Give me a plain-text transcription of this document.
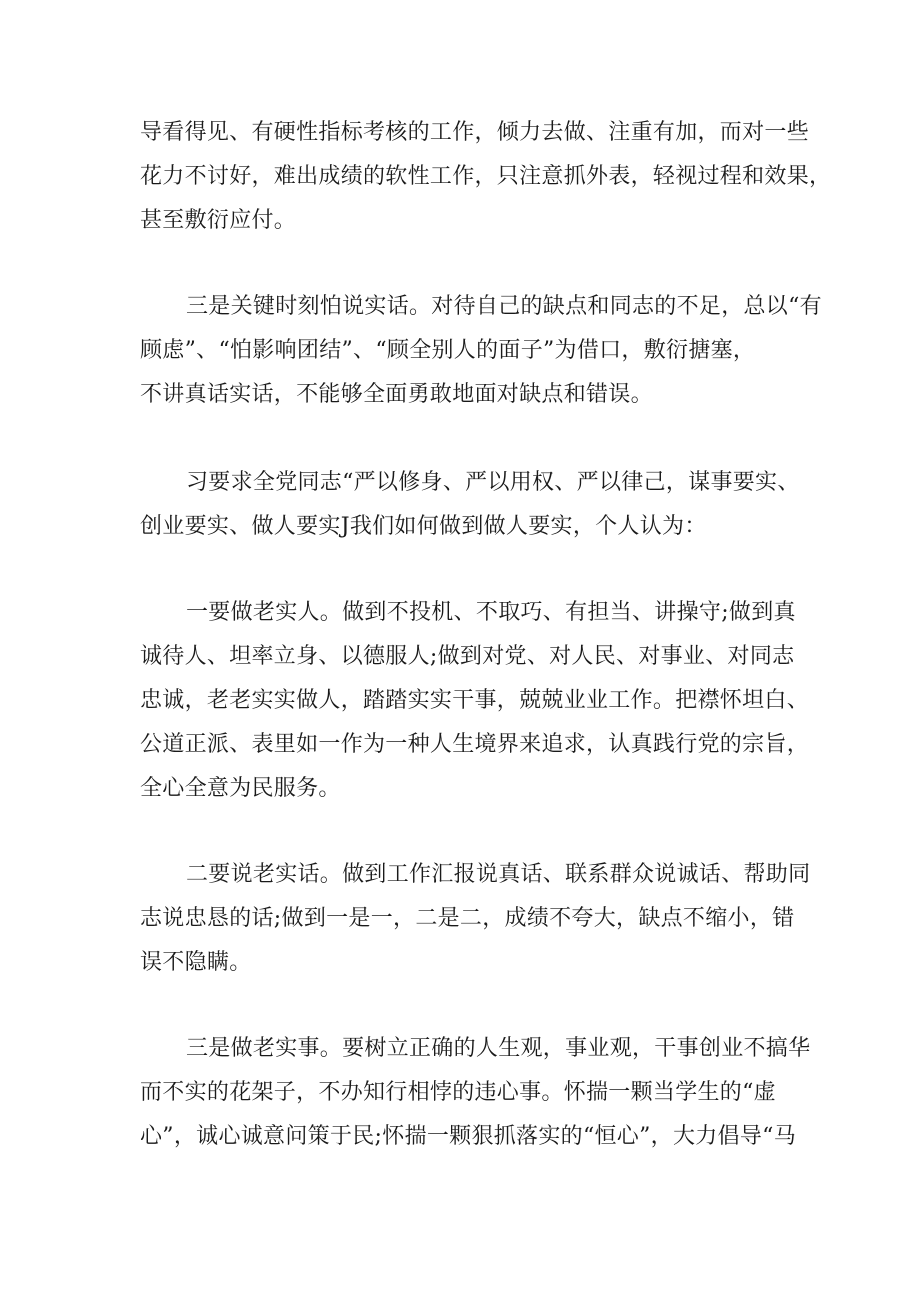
导看得见、有硬性指标考核的工作，倾力去做、注重有加，而对一些
花力不讨好，难出成绩的软性工作，只注意抓外表，轻视过程和效果，
甚至敷衍应付。
三是关键时刻怕说实话。对待自己的缺点和同志的不足，总以“有
顾虑”、“怕影响团结”、“顾全别人的面子”为借口，敷衍搪塞，
不讲真话实话，不能够全面勇敢地面对缺点和错误。
习要求全党同志“严以修身、严以用权、严以律己，谋事要实、
创业要实、做人要实J我们如何做到做人要实，个人认为：
一要做老实人。做到不投机、不取巧、有担当、讲操守;做到真
诚待人、坦率立身、以德服人;做到对党、对人民、对事业、对同志
忠诚，老老实实做人，踏踏实实干事，兢兢业业工作。把襟怀坦白、
公道正派、表里如一作为一种人生境界来追求，认真践行党的宗旨，
全心全意为民服务。
二要说老实话。做到工作汇报说真话、联系群众说诚话、帮助同
志说忠恳的话;做到一是一，二是二，成绩不夸大，缺点不缩小，错
误不隐瞒。
三是做老实事。要树立正确的人生观，事业观，干事创业不搞华
而不实的花架子，不办知行相悖的违心事。怀揣一颗当学生的“虚
心”，诚心诚意问策于民;怀揣一颗狠抓落实的“恒心”，大力倡导“马
